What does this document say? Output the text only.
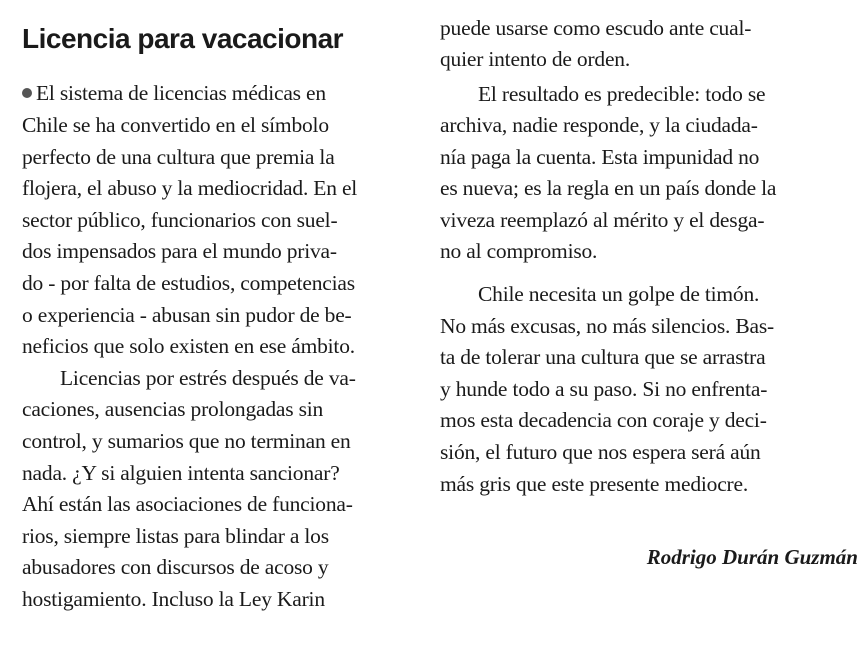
Licencia para vacacionar
El sistema de licencias médicas en
Chile se ha convertido en el símbolo
perfecto de una cultura que premia la
flojera, el abuso y la mediocridad. En el
sector público, funcionarios con suel-
dos impensados para el mundo priva-
do - por falta de estudios, competencias
o experiencia - abusan sin pudor de be-
neficios que solo existen en ese ámbito.
Licencias por estrés después de va-
caciones, ausencias prolongadas sin
control, y sumarios que no terminan en
nada. ¿Y si alguien intenta sancionar?
Ahí están las asociaciones de funciona-
rios, siempre listas para blindar a los
abusadores con discursos de acoso y
hostigamiento. Incluso la Ley Karin
puede usarse como escudo ante cual-
quier intento de orden.
El resultado es predecible: todo se
archiva, nadie responde, y la ciudada-
nía paga la cuenta. Esta impunidad no
es nueva; es la regla en un país donde la
viveza reemplazó al mérito y el desga-
no al compromiso.
Chile necesita un golpe de timón.
No más excusas, no más silencios. Bas-
ta de tolerar una cultura que se arrastra
y hunde todo a su paso. Si no enfrenta-
mos esta decadencia con coraje y deci-
sión, el futuro que nos espera será aún
más gris que este presente mediocre.
Rodrigo Durán Guzmán
